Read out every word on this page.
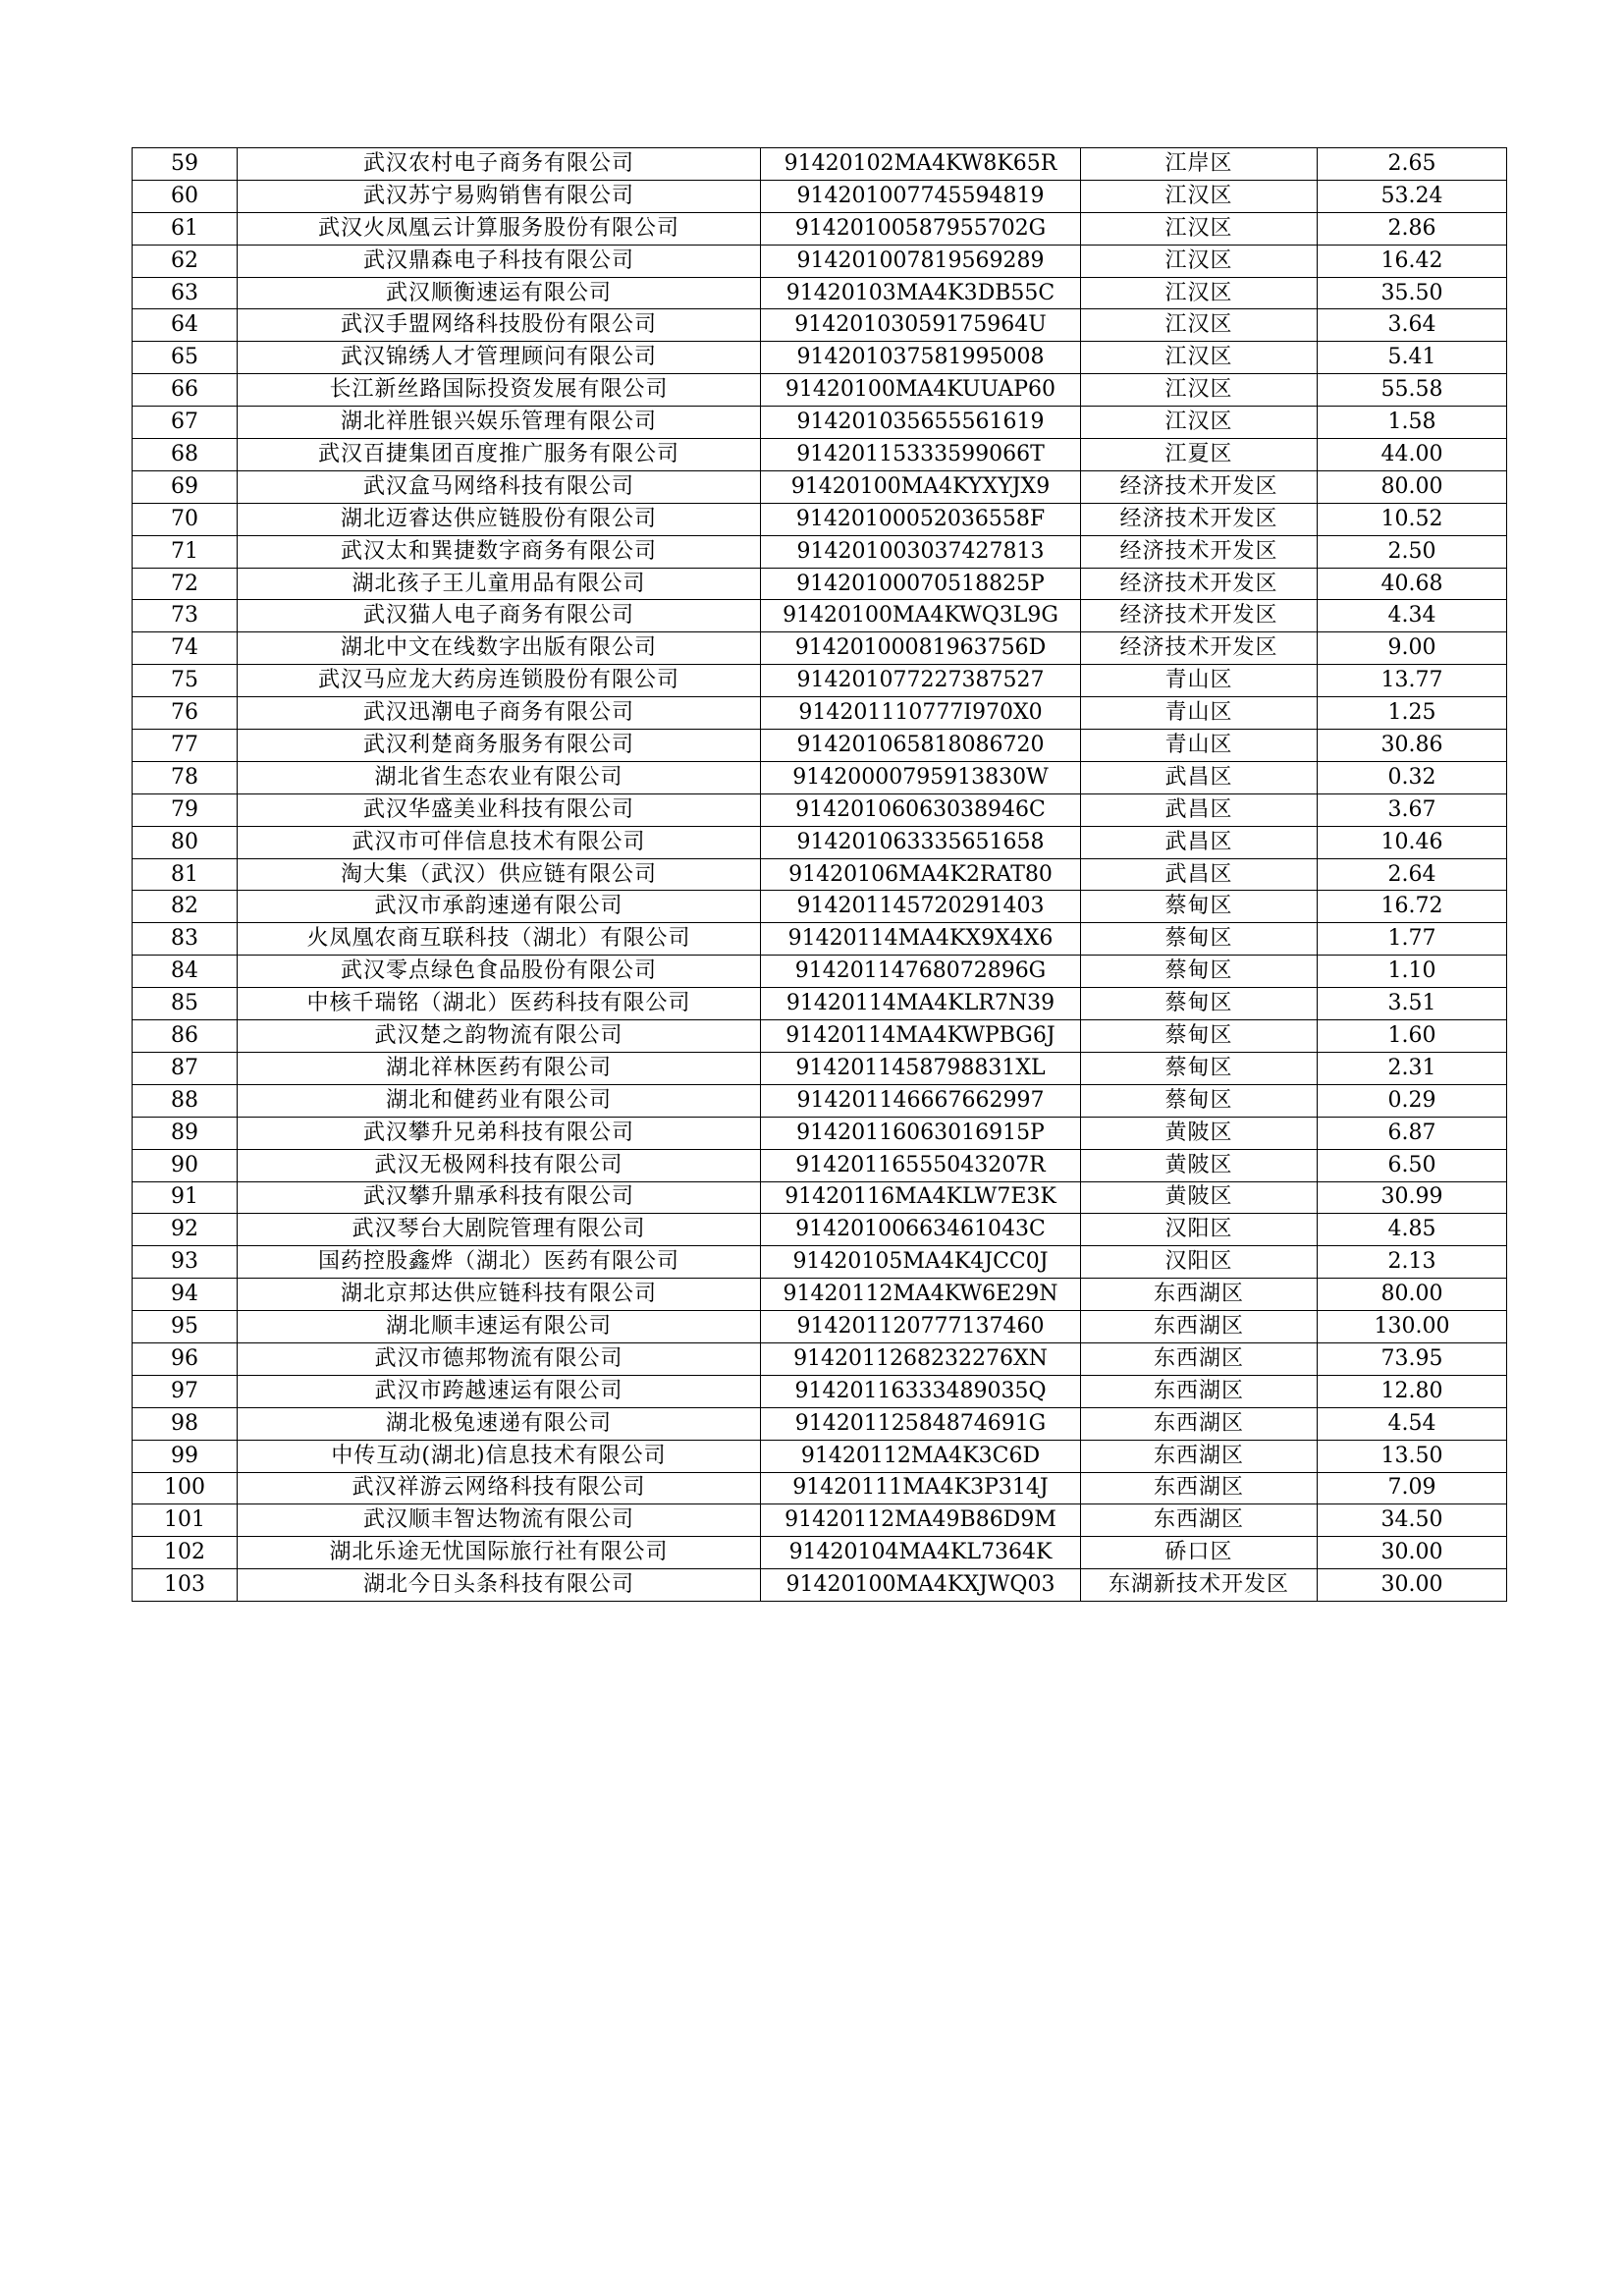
59	武汉农村电子商务有限公司	91420102MA4KW8K65R	江岸区	2.65
60	武汉苏宁易购销售有限公司	914201007745594819	江汉区	53.24
61	武汉火凤凰云计算服务股份有限公司	91420100587955702G	江汉区	2.86
62	武汉鼎森电子科技有限公司	914201007819569289	江汉区	16.42
63	武汉顺衡速运有限公司	91420103MA4K3DB55C	江汉区	35.50
64	武汉手盟网络科技股份有限公司	91420103059175964U	江汉区	3.64
65	武汉锦绣人才管理顾问有限公司	914201037581995008	江汉区	5.41
66	长江新丝路国际投资发展有限公司	91420100MA4KUUAP60	江汉区	55.58
67	湖北祥胜银兴娱乐管理有限公司	914201035655561619	江汉区	1.58
68	武汉百捷集团百度推广服务有限公司	91420115333599066T	江夏区	44.00
69	武汉盒马网络科技有限公司	91420100MA4KYXYJX9	经济技术开发区	80.00
70	湖北迈睿达供应链股份有限公司	91420100052036558F	经济技术开发区	10.52
71	武汉太和巽捷数字商务有限公司	914201003037427813	经济技术开发区	2.50
72	湖北孩子王儿童用品有限公司	91420100070518825P	经济技术开发区	40.68
73	武汉猫人电子商务有限公司	91420100MA4KWQ3L9G	经济技术开发区	4.34
74	湖北中文在线数字出版有限公司	91420100081963756D	经济技术开发区	9.00
75	武汉马应龙大药房连锁股份有限公司	914201077227387527	青山区	13.77
76	武汉迅潮电子商务有限公司	914201110777I970X0	青山区	1.25
77	武汉利楚商务服务有限公司	914201065818086720	青山区	30.86
78	湖北省生态农业有限公司	91420000795913830W	武昌区	0.32
79	武汉华盛美业科技有限公司	91420106063038946C	武昌区	3.67
80	武汉市可伴信息技术有限公司	914201063335651658	武昌区	10.46
81	淘大集（武汉）供应链有限公司	91420106MA4K2RAT80	武昌区	2.64
82	武汉市承韵速递有限公司	914201145720291403	蔡甸区	16.72
83	火凤凰农商互联科技（湖北）有限公司	91420114MA4KX9X4X6	蔡甸区	1.77
84	武汉零点绿色食品股份有限公司	91420114768072896G	蔡甸区	1.10
85	中核千瑞铭（湖北）医药科技有限公司	91420114MA4KLR7N39	蔡甸区	3.51
86	武汉楚之韵物流有限公司	91420114MA4KWPBG6J	蔡甸区	1.60
87	湖北祥林医药有限公司	9142011458798831XL	蔡甸区	2.31
88	湖北和健药业有限公司	914201146667662997	蔡甸区	0.29
89	武汉攀升兄弟科技有限公司	91420116063016915P	黄陂区	6.87
90	武汉无极网科技有限公司	91420116555043207R	黄陂区	6.50
91	武汉攀升鼎承科技有限公司	91420116MA4KLW7E3K	黄陂区	30.99
92	武汉琴台大剧院管理有限公司	91420100663461043C	汉阳区	4.85
93	国药控股鑫烨（湖北）医药有限公司	91420105MA4K4JCC0J	汉阳区	2.13
94	湖北京邦达供应链科技有限公司	91420112MA4KW6E29N	东西湖区	80.00
95	湖北顺丰速运有限公司	914201120777137460	东西湖区	130.00
96	武汉市德邦物流有限公司	91420112682322​76XN	东西湖区	73.95
97	武汉市跨越速运有限公司	91420116333489035Q	东西湖区	12.80
98	湖北极兔速递有限公司	91420112584874691G	东西湖区	4.54
99	中传互动(湖北)信息技术有限公司	91420112MA4K3C6D	东西湖区	13.50
100	武汉祥游云网络科技有限公司	91420111MA4K3P314J	东西湖区	7.09
101	武汉顺丰智达物流有限公司	91420112MA49B86D9M	东西湖区	34.50
102	湖北乐途无忧国际旅行社有限公司	91420104MA4KL7364K	硚口区	30.00
103	湖北今日头条科技有限公司	91420100MA4KXJWQ03	东湖新技术开发区	30.00
